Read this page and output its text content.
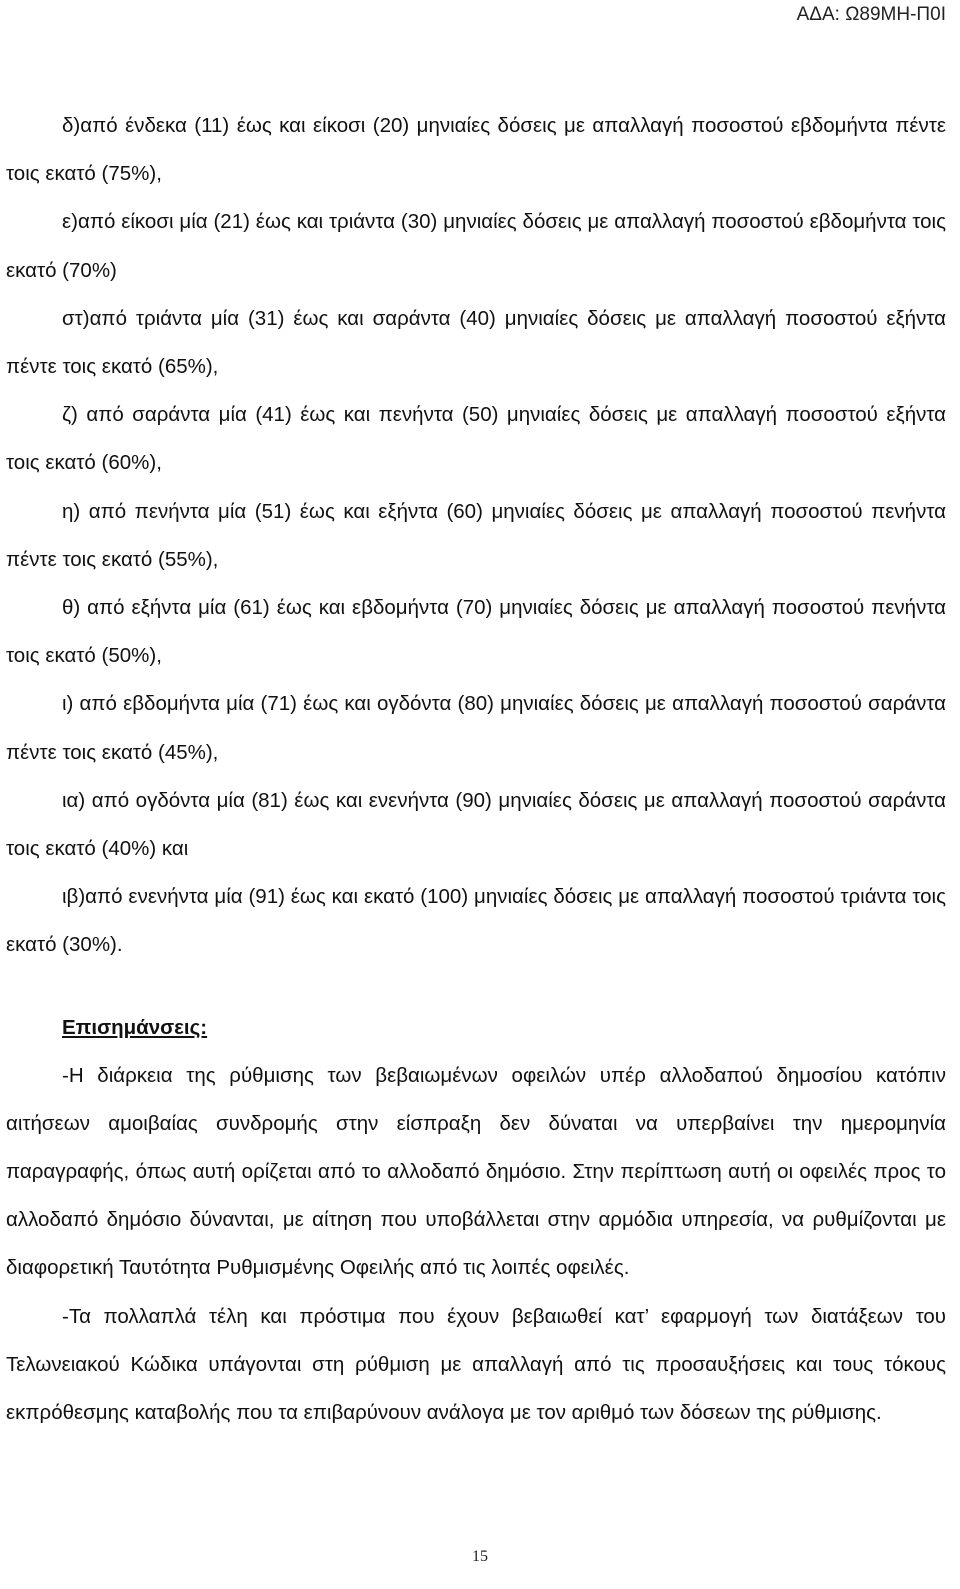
ΑΔΑ: Ω89ΜΗ-Π0Ι

δ)από ένδεκα (11) έως και είκοσι (20) μηνιαίες δόσεις με απαλλαγή ποσοστού εβδομήντα πέντε τοις εκατό (75%),

ε)από είκοσι μία (21) έως και τριάντα (30) μηνιαίες δόσεις με απαλλαγή ποσοστού εβδομήντα τοις εκατό (70%)

στ)από τριάντα μία (31) έως και σαράντα (40) μηνιαίες δόσεις με απαλλαγή ποσοστού εξήντα πέντε τοις εκατό (65%),

ζ) από σαράντα μία (41) έως και πενήντα (50) μηνιαίες δόσεις με απαλλαγή ποσοστού εξήντα τοις εκατό (60%),

η) από πενήντα μία (51) έως και εξήντα (60) μηνιαίες δόσεις με απαλλαγή ποσοστού πενήντα πέντε τοις εκατό (55%),

θ) από εξήντα μία (61) έως και εβδομήντα (70) μηνιαίες δόσεις με απαλλαγή ποσοστού πενήντα τοις εκατό (50%),

ι) από εβδομήντα μία (71) έως και ογδόντα (80) μηνιαίες δόσεις με απαλλαγή ποσοστού σαράντα πέντε τοις εκατό (45%),

ια) από ογδόντα μία (81) έως και ενενήντα (90) μηνιαίες δόσεις με απαλλαγή ποσοστού σαράντα τοις εκατό (40%) και

ιβ)από ενενήντα μία (91) έως και εκατό (100) μηνιαίες δόσεις με απαλλαγή ποσοστού τριάντα τοις εκατό (30%).

Επισημάνσεις:

-Η διάρκεια της ρύθμισης των βεβαιωμένων οφειλών υπέρ αλλοδαπού δημοσίου κατόπιν αιτήσεων αμοιβαίας συνδρομής στην είσπραξη δεν δύναται να υπερβαίνει την ημερομηνία παραγραφής, όπως αυτή ορίζεται από το αλλοδαπό δημόσιο. Στην περίπτωση αυτή οι οφειλές προς το αλλοδαπό δημόσιο δύνανται, με αίτηση που υποβάλλεται στην αρμόδια υπηρεσία, να ρυθμίζονται με διαφορετική Ταυτότητα Ρυθμισμένης Οφειλής από τις λοιπές οφειλές.

-Τα πολλαπλά τέλη και πρόστιμα που έχουν βεβαιωθεί κατ’ εφαρμογή των διατάξεων του Τελωνειακού Κώδικα υπάγονται στη ρύθμιση με απαλλαγή από τις προσαυξήσεις και τους τόκους εκπρόθεσμης καταβολής που τα επιβαρύνουν ανάλογα με τον αριθμό των δόσεων της ρύθμισης.

15
